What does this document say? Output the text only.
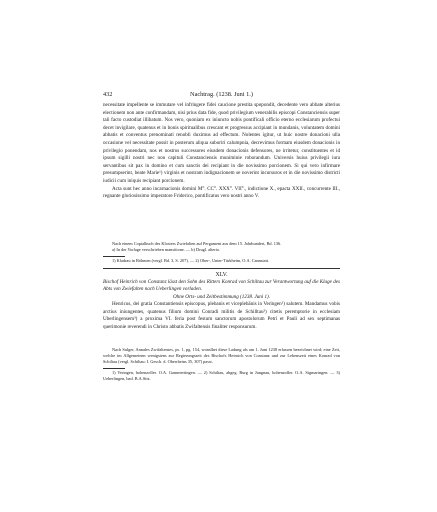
432	Nachtrag. (1238. Juni 1.)

necessitate impellente se immutare vel infringere fidei caucione prestita spopondit, decedente vero abbate alterius electionem non ante confirmandam, nisi prius data fide, quod privilegium venerabilis episcopi Constanciensis super tali facto custodiat illibatum. Nos vero, quoniam ex iniuncto nobis pontificali officio eterno ecclesiarum profectui decet invigilare, quatenus et in bonis spiritualibus crescant et progressus accipiant in mundanis, voluntatem domini abbatis et conventus prenominati renobli duximus ad effectum. Nolentes igitur, ut huic nostre donacioni ulla occasione vel necessitate possit in posterum aliqua suboriri calumpnia, decrevimus formam eiusdem donacionis in privilegio ponendam, nos et nostros successores eiusdem donacionis defensores, ne irritetur, constituentes et id ipsum sigilli nostri nec non capituli Constanciensis muniminie roborandum. Universis huius privilegii iura servantibus sit pax in domino et cum sanctis dei recipiant in die novissimo porcionem. Si qui vero infirmare presumpserint, beate Marie¹) virginis et nostram indignacionem se noverint incursuros et in die novissimo districti iudicii cum iniquis recipiant porcionem.

Acta sunt hec anno incarnacionis domini M°. CC°. XXX°. VII°., indictione X., epacta XXII., concurrente III., regnante gloriosissimo imperatore Friderico, pontificatus vero nostri anno V.

Nach einem Copialbuch des Klosters Zwiefalten auf Pergament aus dem 15. Jahrhundert, Bd. 136.

a) In der Vorlage verschrieben mansitione. — b) Drugl. alterio.

1) Kladrau in Böhmen (vergl. Bd. 3, S. 207). — 2) Ober-, Unter-Türkheim, O.A. Cannstatt.

XLV.

Bischof Heinrich von Constanz lässt den Sohn des Ritters Konrad von Schiltau zur Verantwortung auf die Klage des Abts von Zwiefalten nach Ueberlingen vorladen.

Ohne Orts- und Zeitbestimmung (1238. Juni 1).

Henricus, dei gratia Constantiensis episcopus, plebanis et viceplebānis in Veringen¹) salutem. Mandamus vobis arctius iniungentes, quatenus filium domini Conradi militis de Schilltau²) citetis peremptorie in ecclesiam Uberlingensem³) a proxima VI. feria post festum sanctorum apostolorum Petri et Pauli ad sex septimanas querimonie reverendi in Christo abbatis Zwifaltensis finaliter responsurum.

Nach Sulger, Annales Zwifaltenses, ps. 1, pg. 154, wonslhet diese Ladung als am 1. Juni 1238 erlassen bezeichnet wird; eine Zeit, welche im Allgemeinen wenigstens zur Regierungszeit des Bischofs Heinrich von Constanz und zur Lebenszeit eines Konrad von Schiltau (vergl. Schiltau: I. Gesch. d. Oberrheins 35, 307) passt.

1) Veringen, hohenzoller. O.A. Gammertingen. — 2) Schiltau, abgeg. Burg in Jungnau, hohenzoller. O.A. Sigmaringen. — 3) Ueberlingen, bad. B.A.Sitz.
